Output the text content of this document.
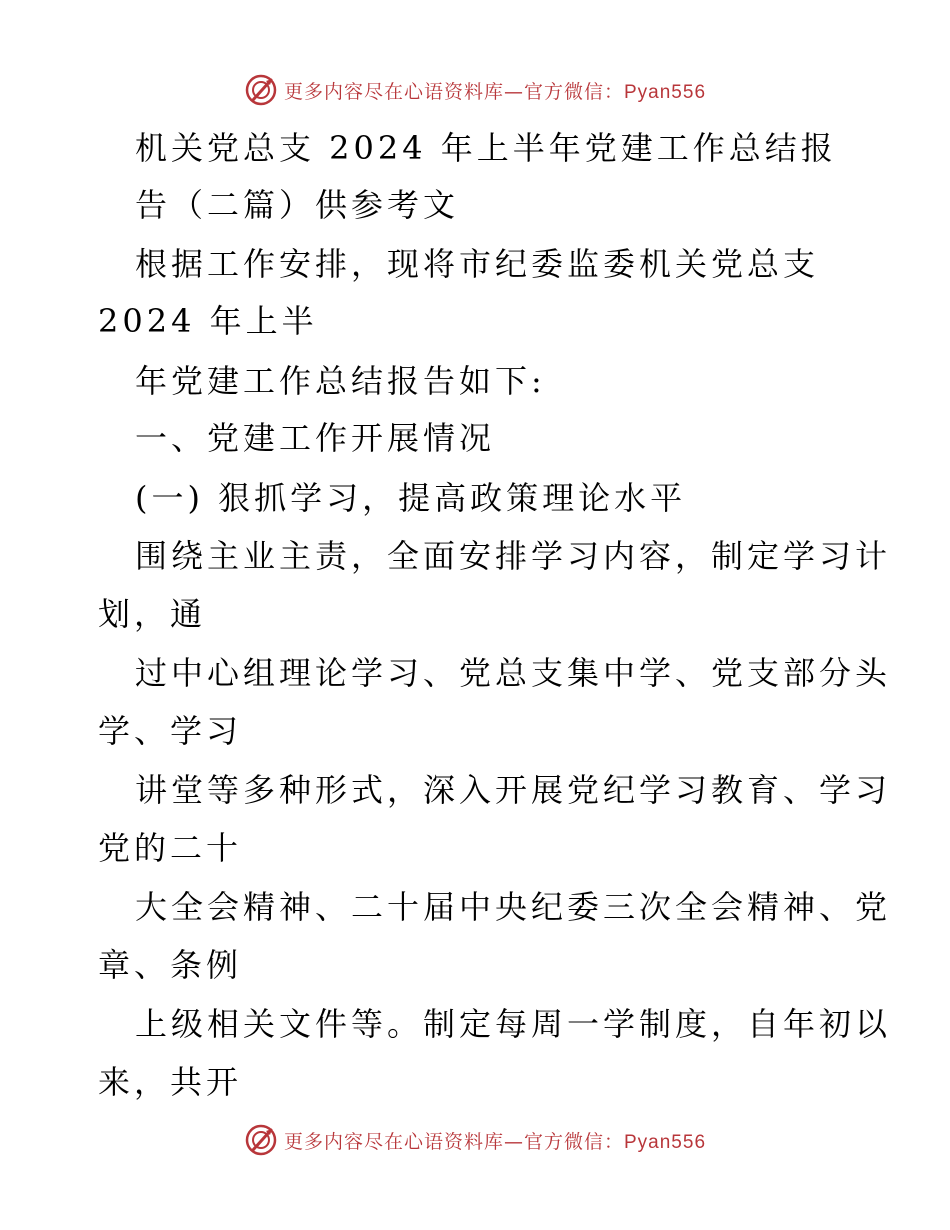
更多内容尽在心语资料库—官方微信：Pyan556
机关党总支 2024 年上半年党建工作总结报
告（二篇）供参考文
根据工作安排，现将市纪委监委机关党总支
2024 年上半
年党建工作总结报告如下:
一、党建工作开展情况
(一) 狠抓学习，提高政策理论水平
围绕主业主责，全面安排学习内容，制定学习计
划，通
过中心组理论学习、党总支集中学、党支部分头
学、学习
讲堂等多种形式，深入开展党纪学习教育、学习
党的二十
大全会精神、二十届中央纪委三次全会精神、党
章、条例
上级相关文件等。制定每周一学制度，自年初以
来，共开
更多内容尽在心语资料库—官方微信：Pyan556
